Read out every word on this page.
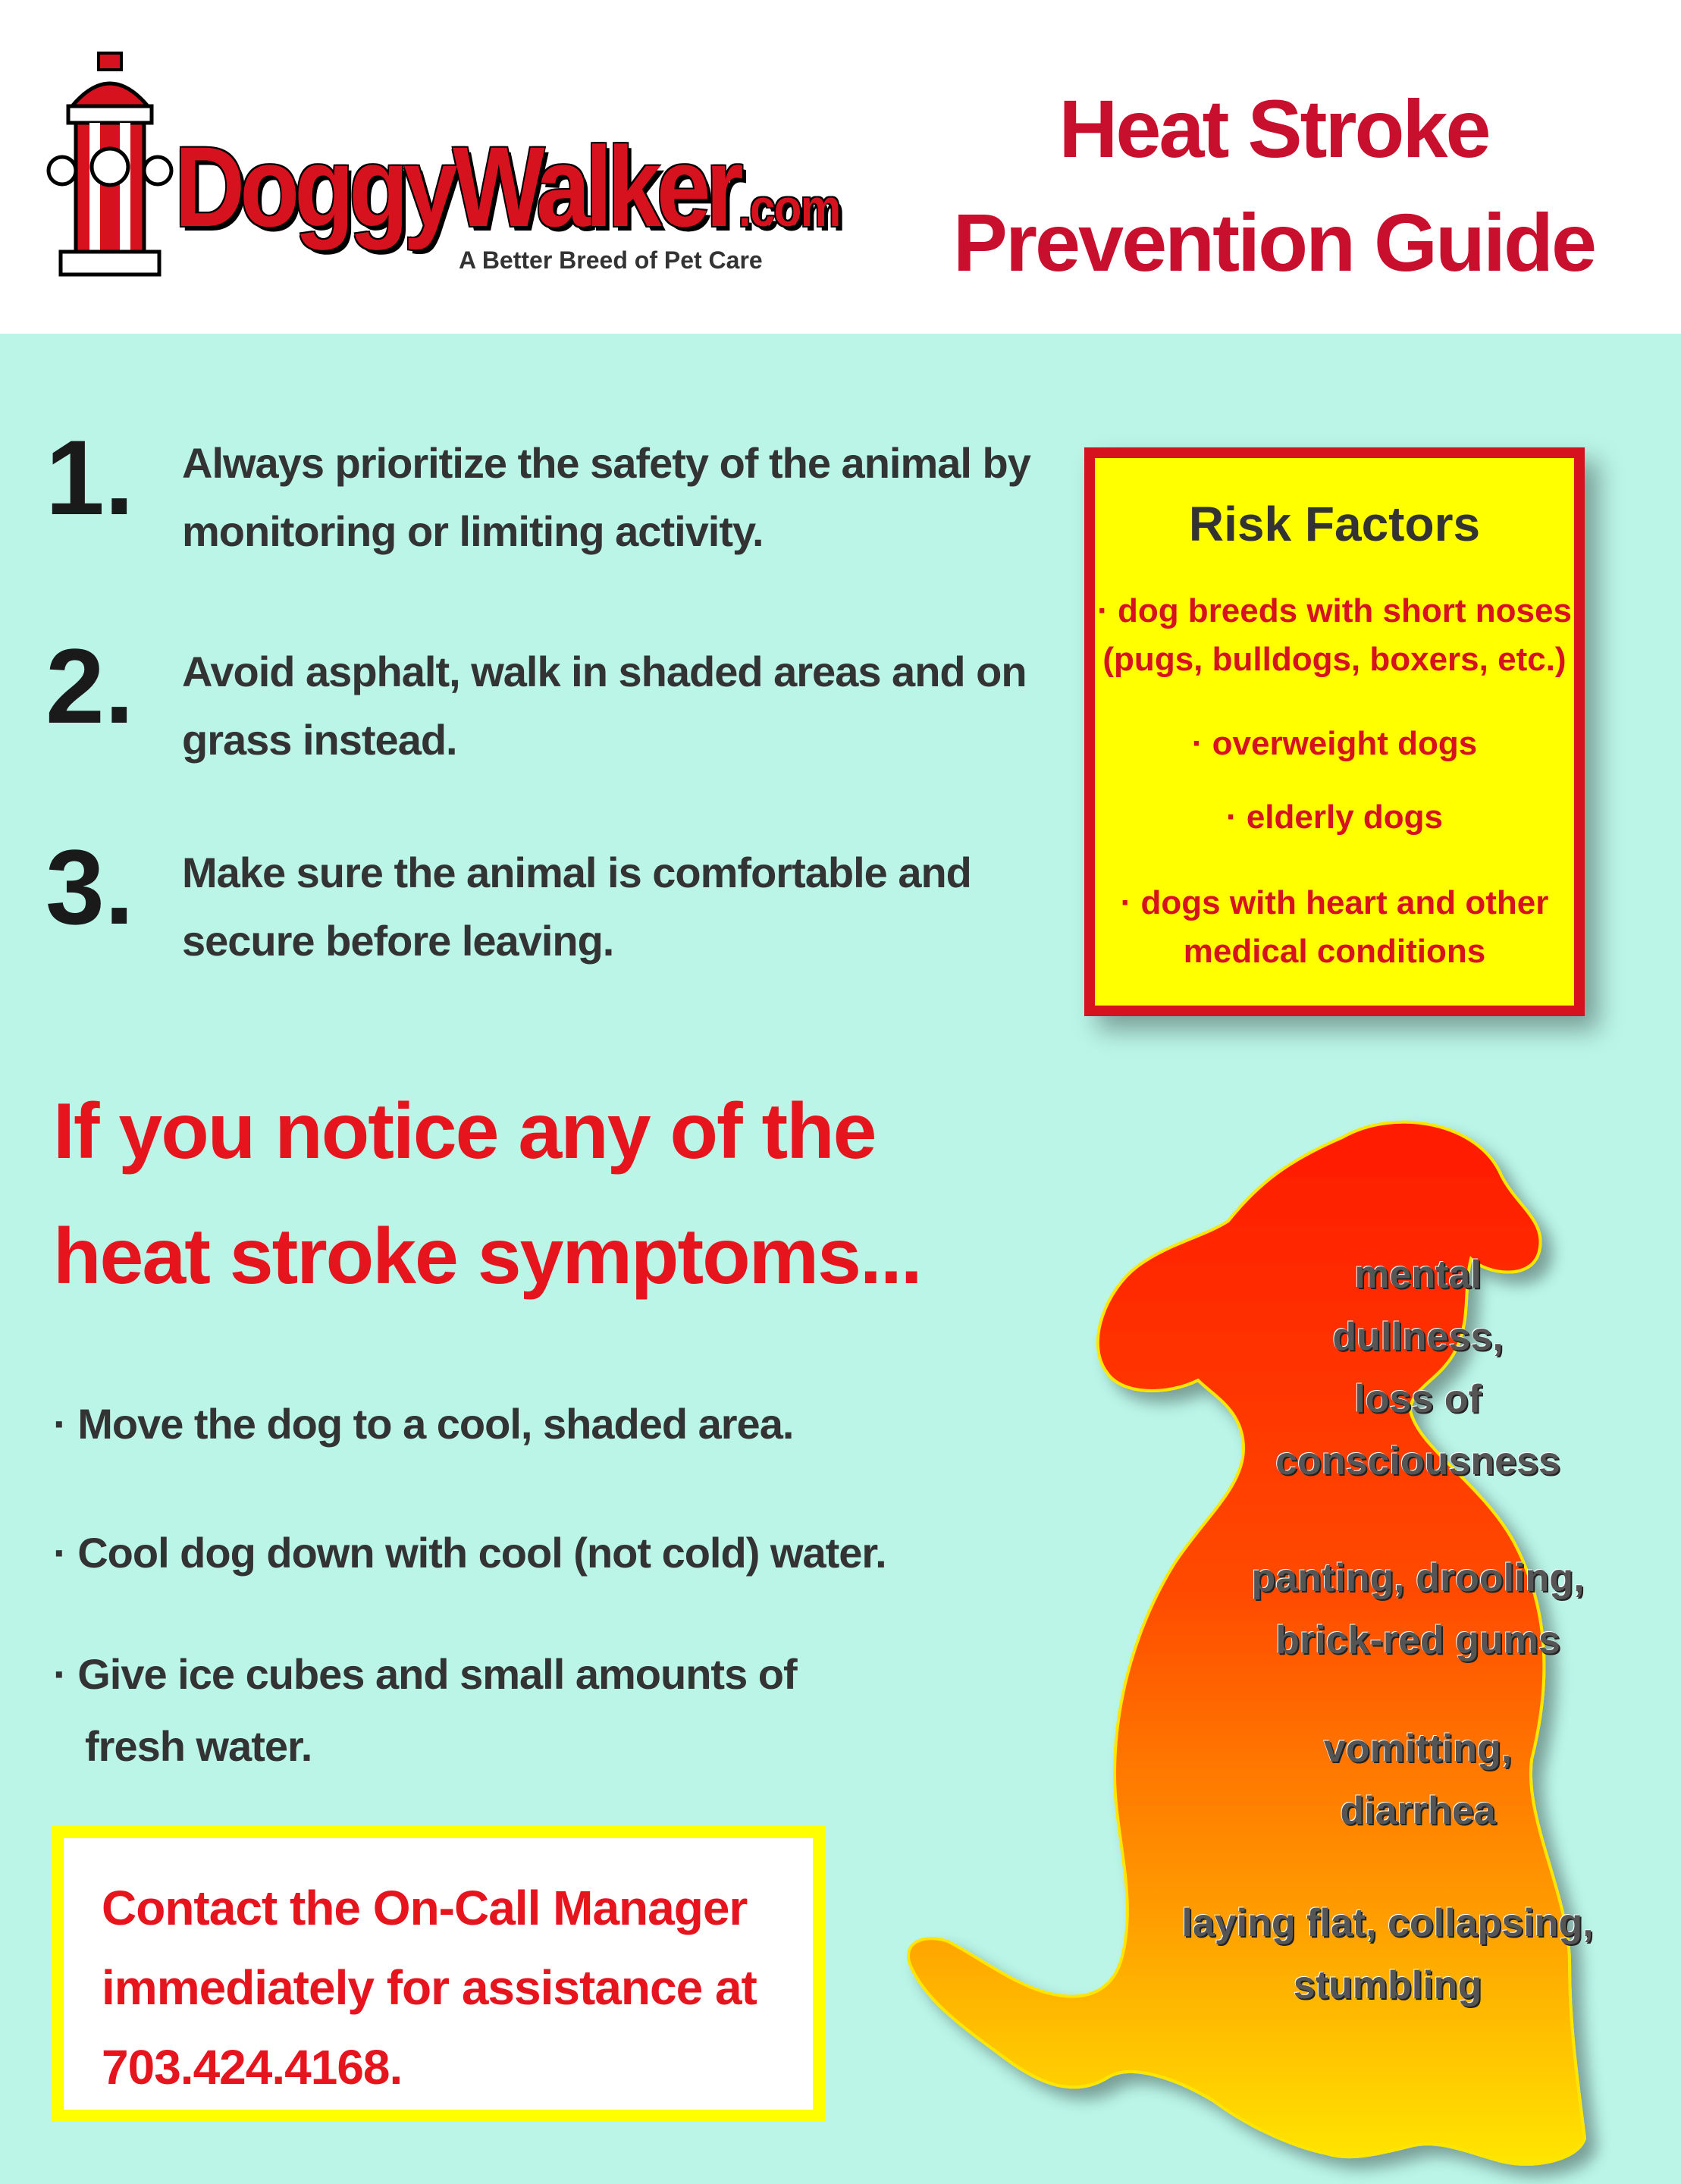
DoggyWalker.com
A Better Breed of Pet Care
Heat Stroke
Prevention Guide
1. Always prioritize the safety of the animal by monitoring or limiting activity.
2. Avoid asphalt, walk in shaded areas and on grass instead.
3. Make sure the animal is comfortable and secure before leaving.
Risk Factors
· dog breeds with short noses
(pugs, bulldogs, boxers, etc.)
· overweight dogs
· elderly dogs
· dogs with heart and other
medical conditions
If you notice any of the
heat stroke symptoms...
· Move the dog to a cool, shaded area.
· Cool dog down with cool (not cold) water.
· Give ice cubes and small amounts of
fresh water.
Contact the On-Call Manager
immediately for assistance at
703.424.4168.
mental
dullness,
loss of
consciousness
panting, drooling,
brick-red gums
vomitting,
diarrhea
laying flat, collapsing,
stumbling
